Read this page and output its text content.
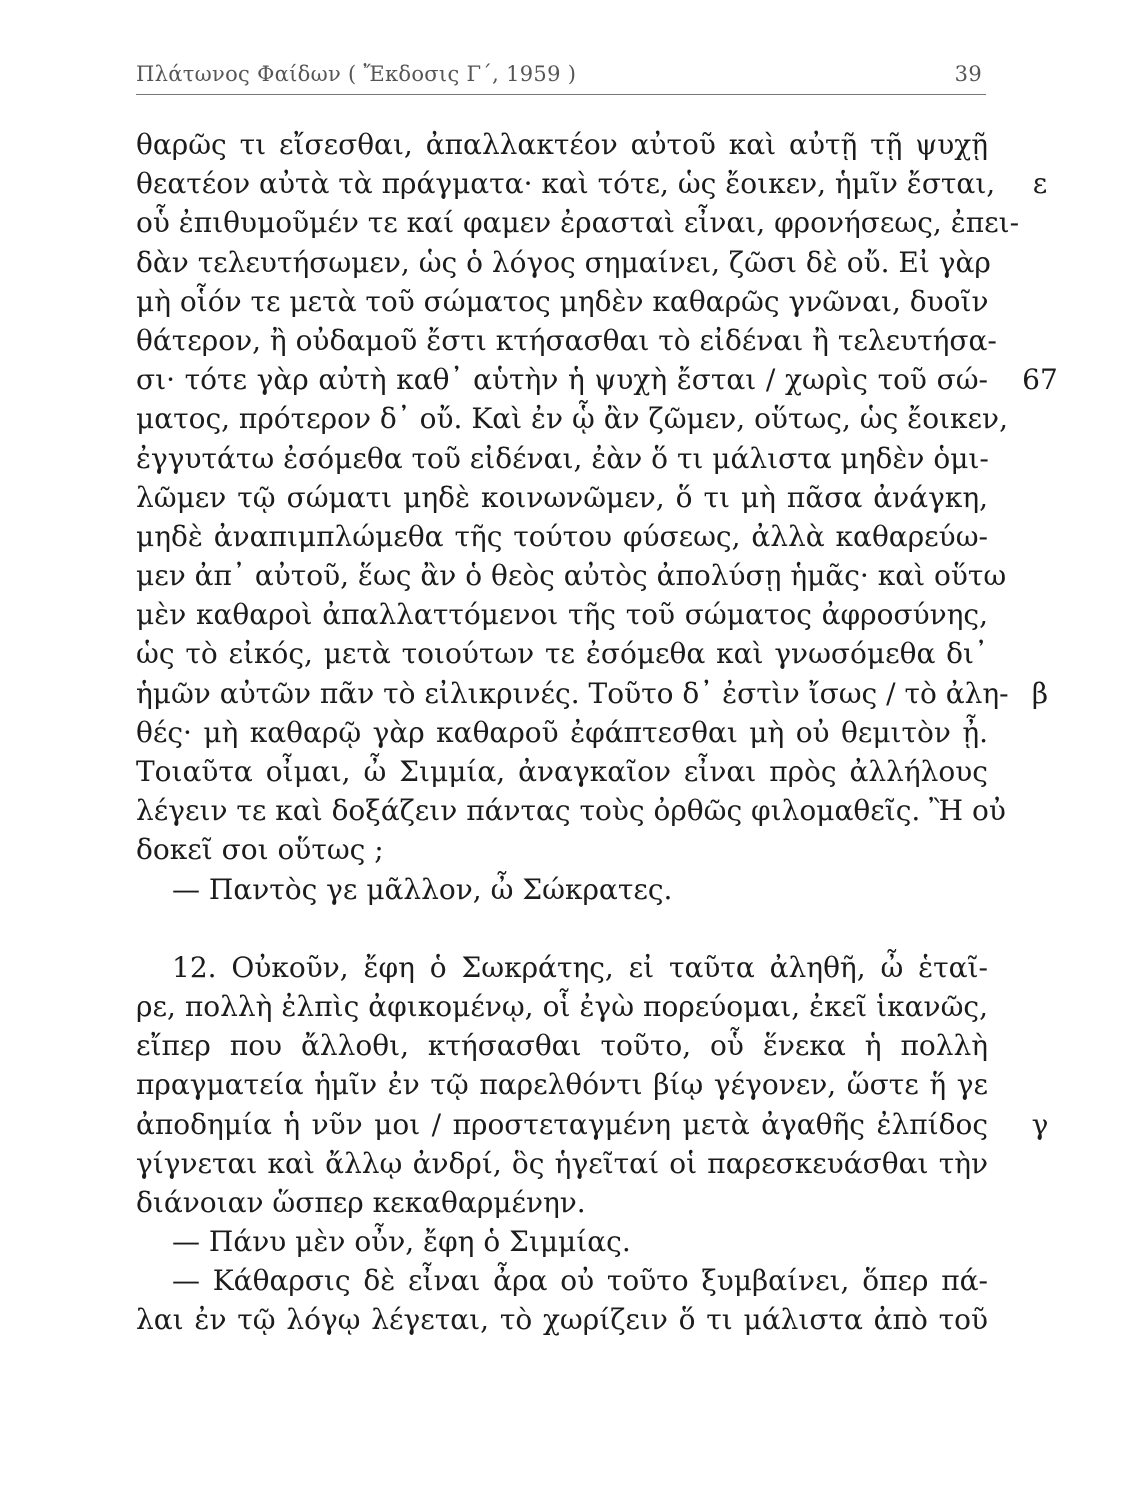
Πλάτωνος Φαίδων ( Ἔκδοσις Γ΄, 1959 )	39
θαρῶς τι εἴσεσθαι, ἀπαλλακτέον αὐτοῦ καὶ αὐτῇ τῇ ψυχῇ
θεατέον αὐτὰ τὰ πράγματα· καὶ τότε, ὡς ἔοικεν, ἡμῖν ἔσται,
οὗ ἐπιθυμοῦμέν τε καί φαμεν ἐρασταὶ εἶναι, φρονήσεως, ἐπει-
δὰν τελευτήσωμεν, ὡς ὁ λόγος σημαίνει, ζῶσι δὲ οὔ. Εἰ γὰρ
μὴ οἷόν τε μετὰ τοῦ σώματος μηδὲν καθαρῶς γνῶναι, δυοῖν
θάτερον, ἢ οὐδαμοῦ ἔστι κτήσασθαι τὸ εἰδέναι ἢ τελευτήσα-
σι· τότε γὰρ αὐτὴ καθ᾽ αὑτὴν ἡ ψυχὴ ἔσται / χωρὶς τοῦ σώ-
ματος, πρότερον δ᾽ οὔ. Καὶ ἐν ᾧ ἂν ζῶμεν, οὕτως, ὡς ἔοικεν,
ἐγγυτάτω ἐσόμεθα τοῦ εἰδέναι, ἐὰν ὅ τι μάλιστα μηδὲν ὁμι-
λῶμεν τῷ σώματι μηδὲ κοινωνῶμεν, ὅ τι μὴ πᾶσα ἀνάγκη,
μηδὲ ἀναπιμπλώμεθα τῆς τούτου φύσεως, ἀλλὰ καθαρεύω-
μεν ἀπ᾽ αὐτοῦ, ἕως ἂν ὁ θεὸς αὐτὸς ἀπολύσῃ ἡμᾶς· καὶ οὕτω
μὲν καθαροὶ ἀπαλλαττόμενοι τῆς τοῦ σώματος ἀφροσύνης,
ὡς τὸ εἰκός, μετὰ τοιούτων τε ἐσόμεθα καὶ γνωσόμεθα δι᾽
ἡμῶν αὐτῶν πᾶν τὸ εἰλικρινές. Τοῦτο δ᾽ ἐστὶν ἴσως / τὸ ἀλη-
θές· μὴ καθαρῷ γὰρ καθαροῦ ἐφάπτεσθαι μὴ οὐ θεμιτὸν ᾖ.
Τοιαῦτα οἶμαι, ὦ Σιμμία, ἀναγκαῖον εἶναι πρὸς ἀλλήλους
λέγειν τε καὶ δοξάζειν πάντας τοὺς ὀρθῶς φιλομαθεῖς. Ἢ οὐ
δοκεῖ σοι οὕτως ;
— Παντὸς γε μᾶλλον, ὦ Σώκρατες.
12. Οὐκοῦν, ἔφη ὁ Σωκράτης, εἰ ταῦτα ἀληθῆ, ὦ ἑταῖ-
ρε, πολλὴ ἐλπὶς ἀφικομένῳ, οἷ ἐγὼ πορεύομαι, ἐκεῖ ἱκανῶς,
εἴπερ που ἄλλοθι, κτήσασθαι τοῦτο, οὗ ἕνεκα ἡ πολλὴ
πραγματεία ἡμῖν ἐν τῷ παρελθόντι βίῳ γέγονεν, ὥστε ἥ γε
ἀποδημία ἡ νῦν μοι / προστεταγμένη μετὰ ἀγαθῆς ἐλπίδος
γίγνεται καὶ ἄλλῳ ἀνδρί, ὃς ἡγεῖταί οἱ παρεσκευάσθαι τὴν
διάνοιαν ὥσπερ κεκαθαρμένην.
— Πάνυ μὲν οὖν, ἔφη ὁ Σιμμίας.
— Κάθαρσις δὲ εἶναι ἆρα οὐ τοῦτο ξυμβαίνει, ὅπερ πά-
λαι ἐν τῷ λόγῳ λέγεται, τὸ χωρίζειν ὅ τι μάλιστα ἀπὸ τοῦ
ε
67
β
γ
